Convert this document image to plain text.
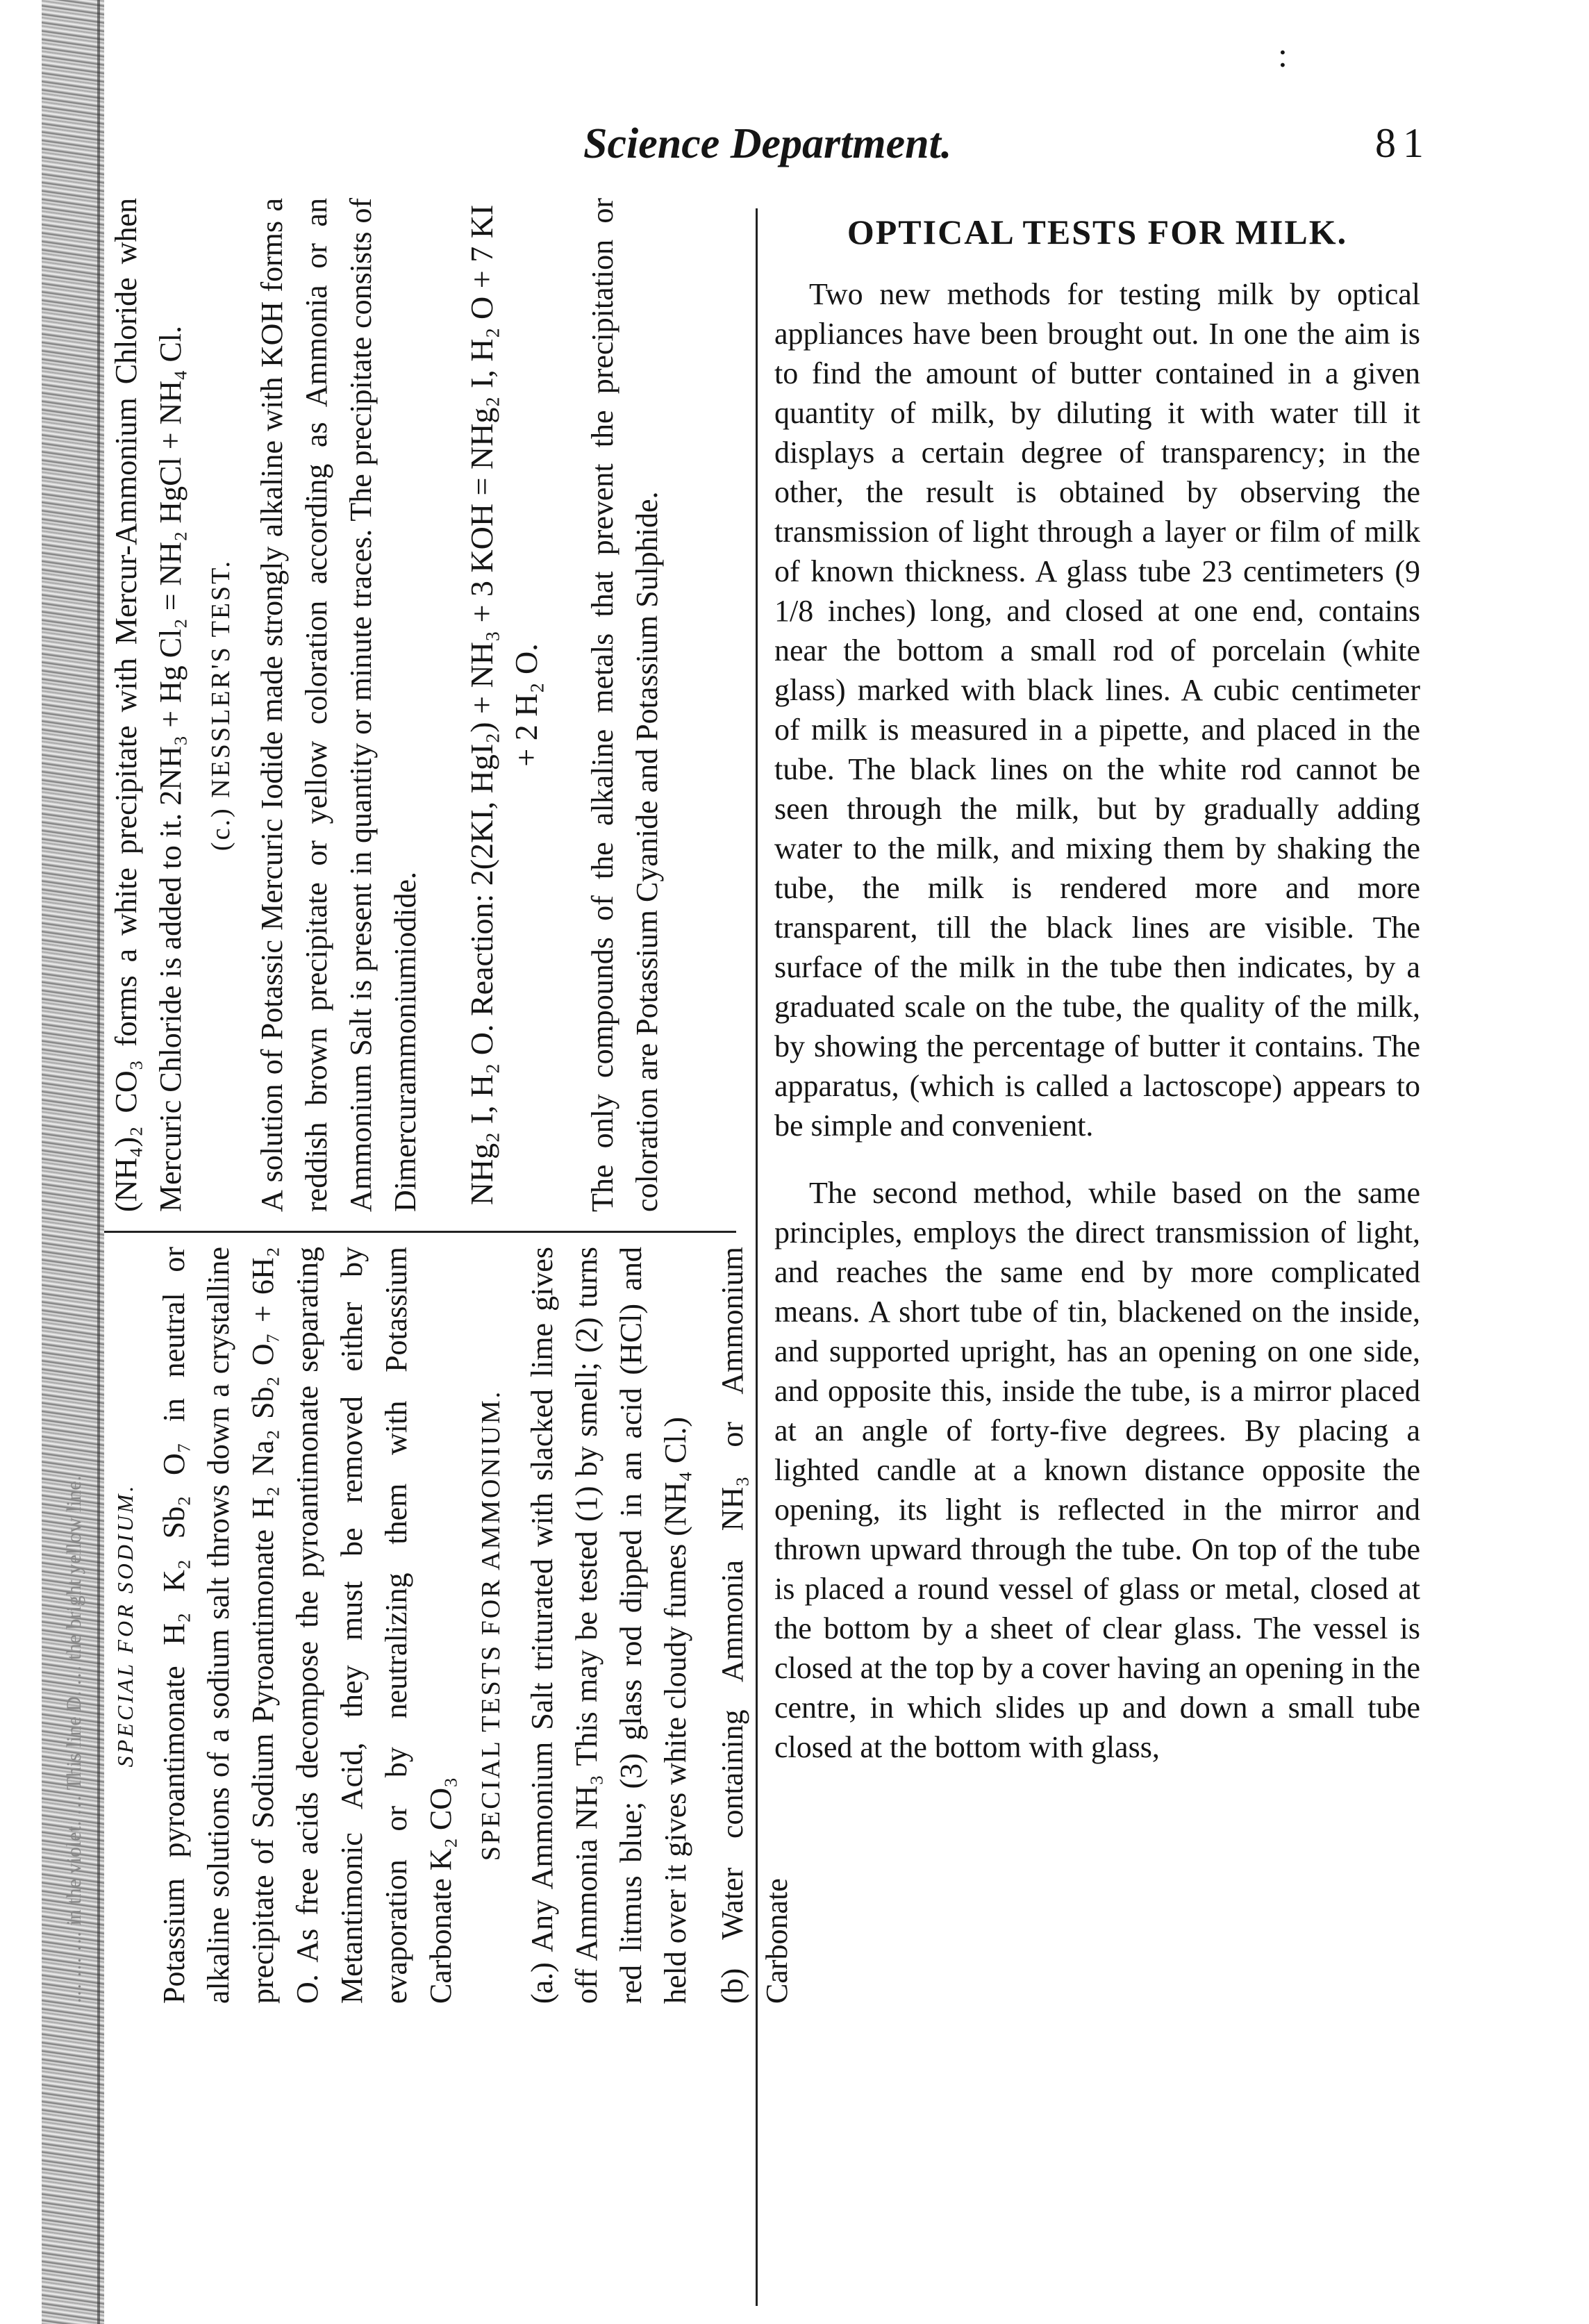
:
Science Department.	81
… … … in the violet. … This line D. … the bright yellow line. SPECIAL FOR SODIUM. Potassium pyroantimonate H₂ K₂ Sb₂ O₇ in neutral or alkaline solutions of a sodium salt throws down a crystalline precipitate of Sodium Pyroantimonate H₂ Na₂ Sb₂ O₇ + 6H₂ O. As free acids decompose the pyroantimonate separating Metantimonic Acid, they must be removed either by evaporation or by neutralizing them with Potassium Carbonate K₂ CO₃

SPECIAL TESTS FOR AMMONIUM. (a.) Any Ammonium Salt triturated with slacked lime gives off Ammonia NH₃ This may be tested (1) by smell; (2) turns red litmus blue; (3) glass rod dipped in an acid (HCl) and held over it gives white cloudy fumes (NH₄ Cl.) (b) Water containing Ammonia NH₃ or Ammonium Carbonate

(NH₄)₂ CO₃ forms a white precipitate with Mercur-Ammonium Chloride when Mercuric Chloride is added to it. 2NH₃ + Hg Cl₂ = NH₂ HgCl + NH₄ Cl. (c.) NESSLER'S TEST. A solution of Potassic Mercuric Iodide made strongly alkaline with KOH forms a reddish brown precipitate or yellow coloration according as Ammonia or an Ammonium Salt is present in quantity or minute traces. The precipitate consists of Dimercurammoniumiodide. NHg₂ I, H₂ O. Reaction: 2(2KI, HgI₂) + NH₃ + 3 KOH = NHg₂ I, H₂ O + 7 KI + 2 H₂ O. The only compounds of the alkaline metals that prevent the precipitation or coloration are Potassium Cyanide and Potassium Sulphide.

OPTICAL TESTS FOR MILK.

Two new methods for testing milk by optical appliances have been brought out. In one the aim is to find the amount of butter contained in a given quantity of milk, by diluting it with water till it displays a certain degree of transparency; in the other, the result is obtained by observing the transmission of light through a layer or film of milk of known thickness. A glass tube 23 centimeters (9 1/8 inches) long, and closed at one end, contains near the bottom a small rod of porcelain (white glass) marked with black lines. A cubic centimeter of milk is measured in a pipette, and placed in the tube. The black lines on the white rod cannot be seen through the milk, but by gradually adding water to the milk, and mixing them by shaking the tube, the milk is rendered more and more transparent, till the black lines are visible. The surface of the milk in the tube then indicates, by a graduated scale on the tube, the quality of the milk, by showing the percentage of butter it contains. The apparatus, (which is called a lactoscope) appears to be simple and convenient.

The second method, while based on the same principles, employs the direct transmission of light, and reaches the same end by more complicated means. A short tube of tin, blackened on the inside, and supported upright, has an opening on one side, and opposite this, inside the tube, is a mirror placed at an angle of forty-five degrees. By placing a lighted candle at a known distance opposite the opening, its light is reflected in the mirror and thrown upward through the tube. On top of the tube is placed a round vessel of glass or metal, closed at the bottom by a sheet of clear glass. The vessel is closed at the top by a cover having an opening in the centre, in which slides up and down a small tube closed at the bottom with glass,
